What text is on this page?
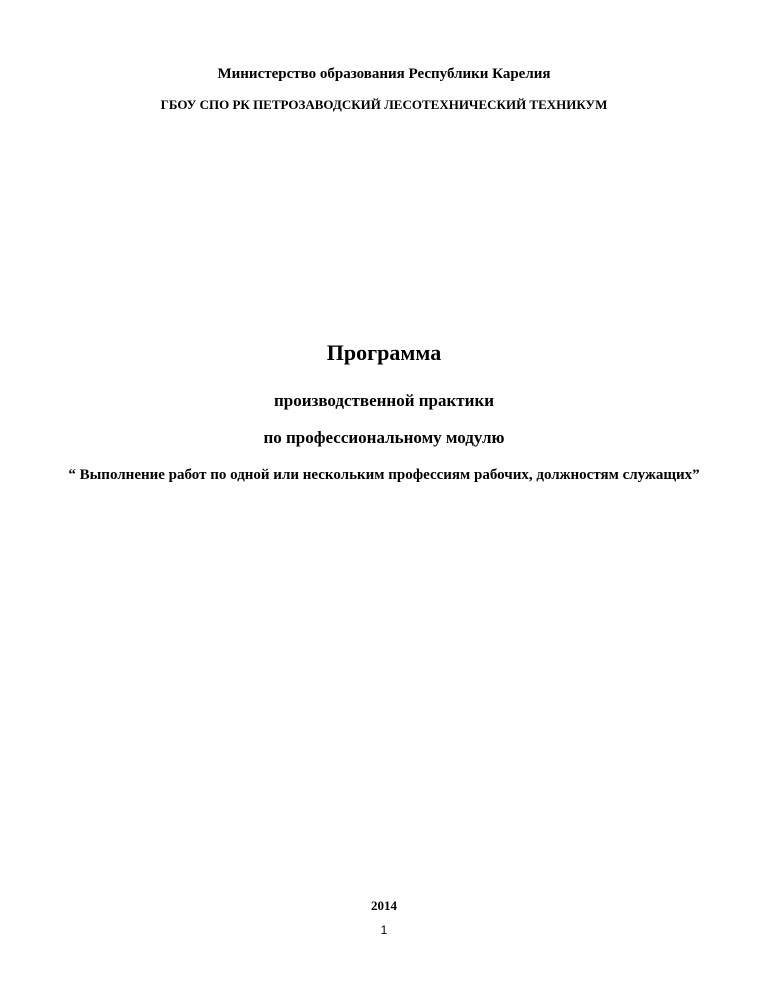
Министерство образования Республики Карелия

ГБОУ СПО РК ПЕТРОЗАВОДСКИЙ ЛЕСОТЕХНИЧЕСКИЙ ТЕХНИКУМ

Программа

производственной практики

по профессиональному модулю

“ Выполнение работ по одной или нескольким профессиям рабочих, должностям служащих”

2014

1
